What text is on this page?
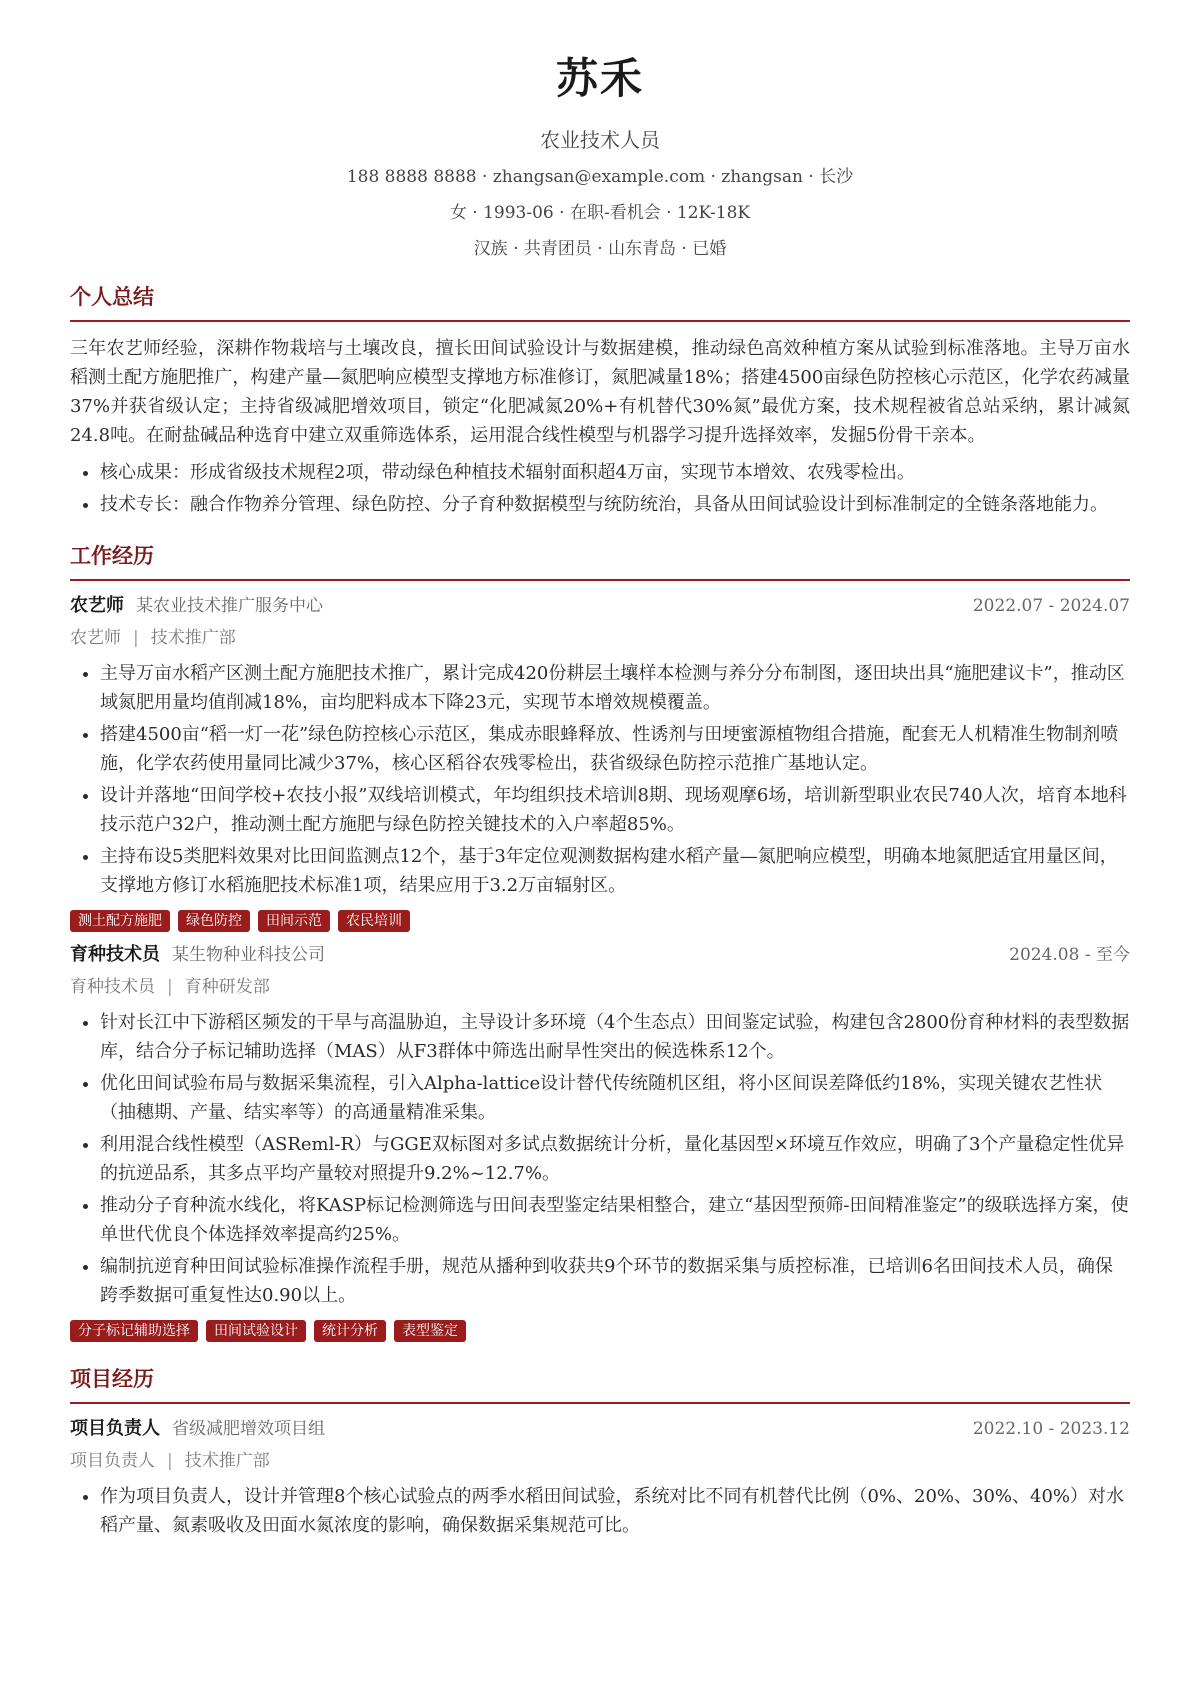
苏禾
农业技术人员
188 8888 8888 · zhangsan@example.com · zhangsan · 长沙
女 · 1993-06 · 在职-看机会 · 12K-18K
汉族 · 共青团员 · 山东青岛 · 已婚
个人总结

三年农艺师经验，深耕作物栽培与土壤改良，擅长田间试验设计与数据建模，推动绿色高效种植方案从试验到标准落地。主导万亩水稻测土配方施肥推广，构建产量—氮肥响应模型支撑地方标准修订，氮肥减量18%；搭建4500亩绿色防控核心示范区，化学农药减量37%并获省级认定；主持省级减肥增效项目，锁定“化肥减氮20%+有机替代30%氮”最优方案，技术规程被省总站采纳，累计减氮24.8吨。在耐盐碱品种选育中建立双重筛选体系，运用混合线性模型与机器学习提升选择效率，发掘5份骨干亲本。

• 核心成果：形成省级技术规程2项，带动绿色种植技术辐射面积超4万亩，实现节本增效、农残零检出。
• 技术专长：融合作物养分管理、绿色防控、分子育种数据模型与统防统治，具备从田间试验设计到标准制定的全链条落地能力。
工作经历
农艺师 某农业技术推广服务中心	2022.07 - 2024.07
农艺师 | 技术推广部
• 主导万亩水稻产区测土配方施肥技术推广，累计完成420份耕层土壤样本检测与养分分布制图，逐田块出具“施肥建议卡”，推动区域氮肥用量均值削减18%，亩均肥料成本下降23元，实现节本增效规模覆盖。
• 搭建4500亩“稻一灯一花”绿色防控核心示范区，集成赤眼蜂释放、性诱剂与田埂蜜源植物组合措施，配套无人机精准生物制剂喷施，化学农药使用量同比减少37%，核心区稻谷农残零检出，获省级绿色防控示范推广基地认定。
• 设计并落地“田间学校+农技小报”双线培训模式，年均组织技术培训8期、现场观摩6场，培训新型职业农民740人次，培育本地科技示范户32户，推动测土配方施肥与绿色防控关键技术的入户率超85%。
• 主持布设5类肥料效果对比田间监测点12个，基于3年定位观测数据构建水稻产量—氮肥响应模型，明确本地氮肥适宜用量区间，支撑地方修订水稻施肥技术标准1项，结果应用于3.2万亩辐射区。
测土配方施肥	绿色防控	田间示范	农民培训
育种技术员 某生物种业科技公司	2024.08 - 至今
育种技术员 | 育种研发部
• 针对长江中下游稻区频发的干旱与高温胁迫，主导设计多环境（4个生态点）田间鉴定试验，构建包含2800份育种材料的表型数据库，结合分子标记辅助选择（MAS）从F3群体中筛选出耐旱性突出的候选株系12个。
• 优化田间试验布局与数据采集流程，引入Alpha-lattice设计替代传统随机区组，将小区间误差降低约18%，实现关键农艺性状（抽穗期、产量、结实率等）的高通量精准采集。
• 利用混合线性模型（ASReml-R）与GGE双标图对多试点数据统计分析，量化基因型×环境互作效应，明确了3个产量稳定性优异的抗逆品系，其多点平均产量较对照提升9.2%~12.7%。
• 推动分子育种流水线化，将KASP标记检测筛选与田间表型鉴定结果相整合，建立“基因型预筛-田间精准鉴定”的级联选择方案，使单世代优良个体选择效率提高约25%。
• 编制抗逆育种田间试验标准操作流程手册，规范从播种到收获共9个环节的数据采集与质控标准，已培训6名田间技术人员，确保跨季数据可重复性达0.90以上。
分子标记辅助选择	田间试验设计	统计分析	表型鉴定
项目经历
项目负责人 省级减肥增效项目组	2022.10 - 2023.12
项目负责人 | 技术推广部
• 作为项目负责人，设计并管理8个核心试验点的两季水稻田间试验，系统对比不同有机替代比例（0%、20%、30%、40%）对水稻产量、氮素吸收及田面水氮浓度的影响，确保数据采集规范可比。
